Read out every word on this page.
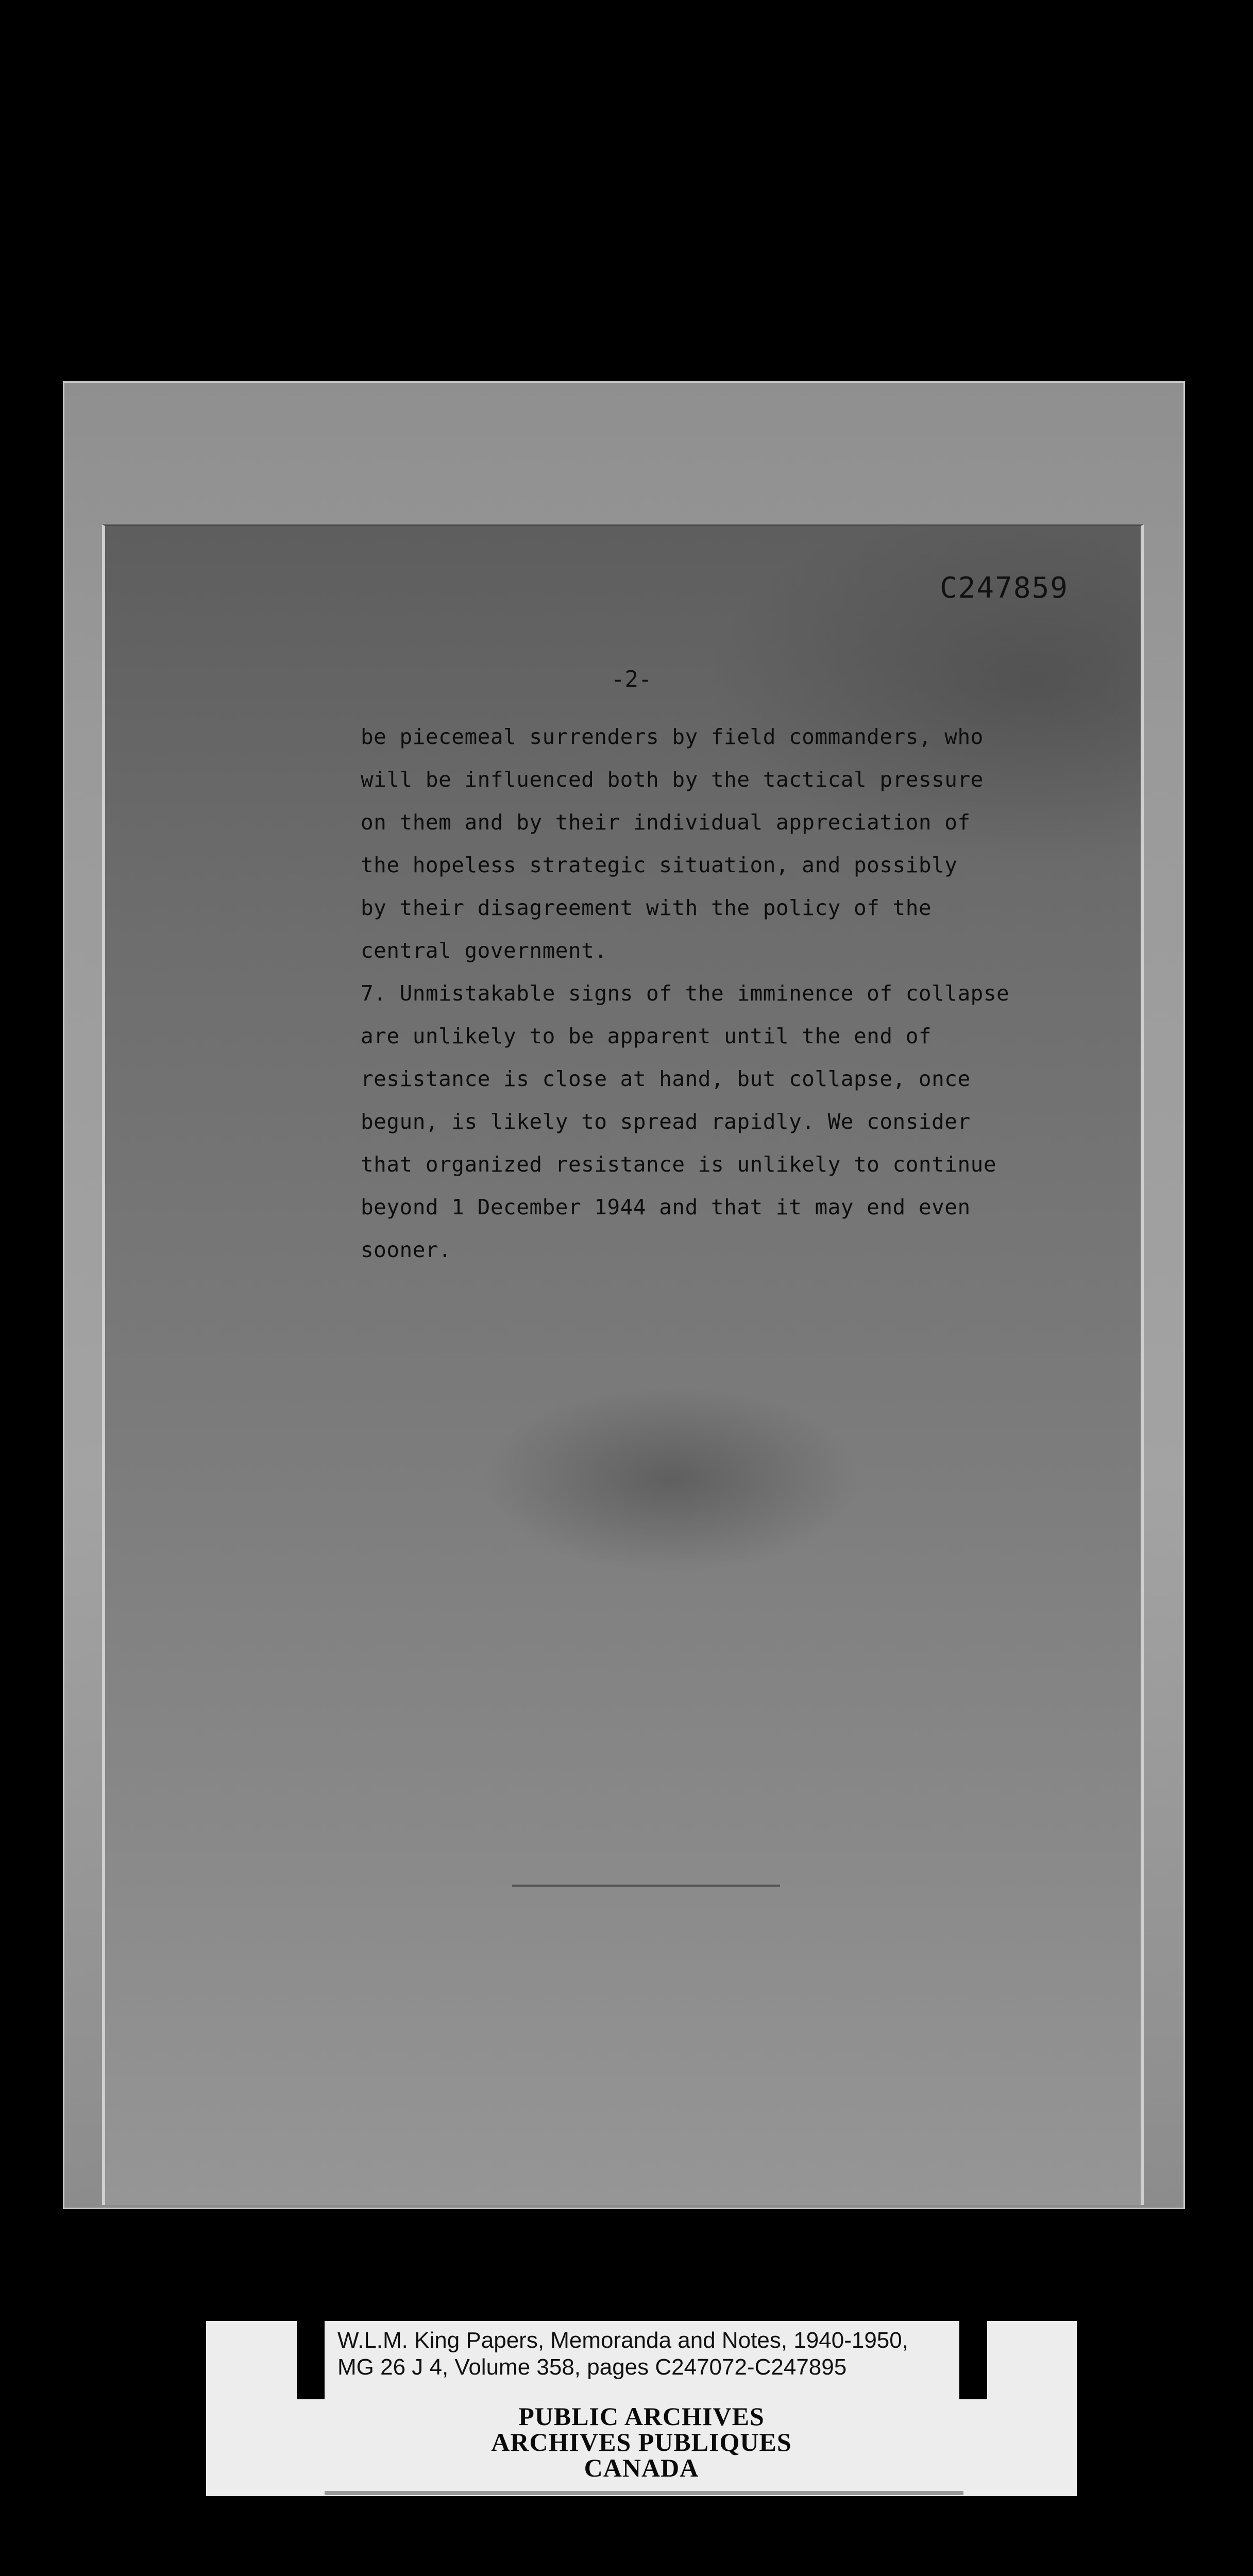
C247859
-2-
be piecemeal surrenders by field commanders, who
will be influenced both by the tactical pressure
on them and by their individual appreciation of
the hopeless strategic situation, and possibly
by their disagreement with the policy of the
central government.
7. Unmistakable signs of the imminence of collapse
are unlikely to be apparent until the end of
resistance is close at hand, but collapse, once
begun, is likely to spread rapidly. We consider
that organized resistance is unlikely to continue
beyond 1 December 1944 and that it may end even
sooner.
W.L.M. King Papers, Memoranda and Notes, 1940-1950,
MG 26 J 4, Volume 358, pages C247072-C247895
PUBLIC ARCHIVES
ARCHIVES PUBLIQUES
CANADA
